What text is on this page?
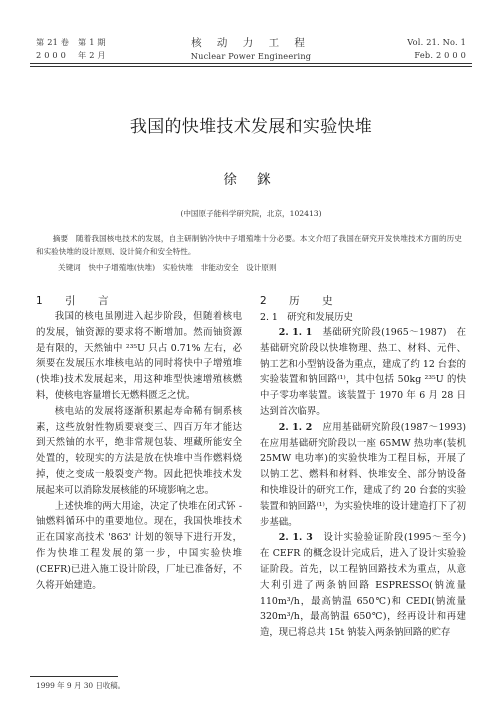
第 21 卷 第 1 期
2 0 0 0 年 2 月
核 动 力 工 程
Nuclear Power Engineering
Vol. 21. No. 1
Feb. 2 0 0 0
我国的快堆技术发展和实验快堆
徐 銤
(中国原子能科学研究院，北京，102413)
摘要　随着我国核电技术的发展，自主研制钠冷快中子增殖堆十分必要。本文介绍了我国在研究开发快堆技术方面的历史和实验快堆的设计原则、设计简介和安全特性。
关键词　快中子增殖堆(快堆)　实验快堆　非能动安全　设计原则
1　引　言

我国的核电虽刚进入起步阶段，但随着核电的发展，铀资源的要求将不断增加。然而铀资源是有限的，天然铀中 ²³⁵U 只占 0.71% 左右，必须要在发展压水堆核电站的同时将快中子增殖堆(快堆)技术发展起来，用这种堆型快速增殖核燃料，使核电容量增长无燃料匮乏之忧。

核电站的发展将逐渐积累起寿命稀有铜系核素，这些放射性物质要衰变三、四百万年才能达到天然铀的水平，绝非常规包装、埋藏所能安全处置的，较现实的方法是放在快堆中当作燃料烧掉，使之变成一般裂变产物。因此把快堆技术发展起来可以消除发展核能的环境影响之忠。

上述快堆的两大用途，决定了快堆在闭式钚 - 铀燃料循环中的重要地位。现在，我国快堆技术正在国家高技术 '863' 计划的领导下进行开发，作为快堆工程发展的第一步，中国实验快堆(CEFR)已进入施工设计阶段，厂址已准备好，不久将开始建造。

2　历　史
2. 1　研究和发展历史

2. 1. 1　 基础研究阶段(1965～1987)　在基础研究阶段以快堆物理、热工、材料、元件、钠工艺和小型钠设备为重点，建成了约 12 台套的实验装置和钠回路⁽¹⁾，其中包括 50kg ²³⁵U 的快中子零功率装置。该装置于 1970 年 6 月 28 日达到首次临界。

2. 1. 2　 应用基础研究阶段(1987～1993)　在应用基础研究阶段以一座 65MW 热功率(装机 25MW 电功率)的实验快堆为工程目标，开展了以钠工艺、燃料和材料、快堆安全、部分钠设备和快堆设计的研究工作，建成了约 20 台套的实验装置和钠回路⁽¹⁾，为实验快堆的设计建造打下了初步基础。

2. 1. 3　 设计实验验证阶段(1995～至今)　在 CEFR 的概念设计完成后，进入了设计实验验证阶段。首先，以工程钠回路技术为重点，从意大利引进了两条钠回路 ESPRESSO(钠流量 110m³/h，最高钠温 650℃)和 CEDI(钠流量 320m³/h，最高钠温 650℃)，经再设计和再建造，现已将总共 15t 钠装入两条钠回路的贮存

1999 年 9 月 30 日收稿。
